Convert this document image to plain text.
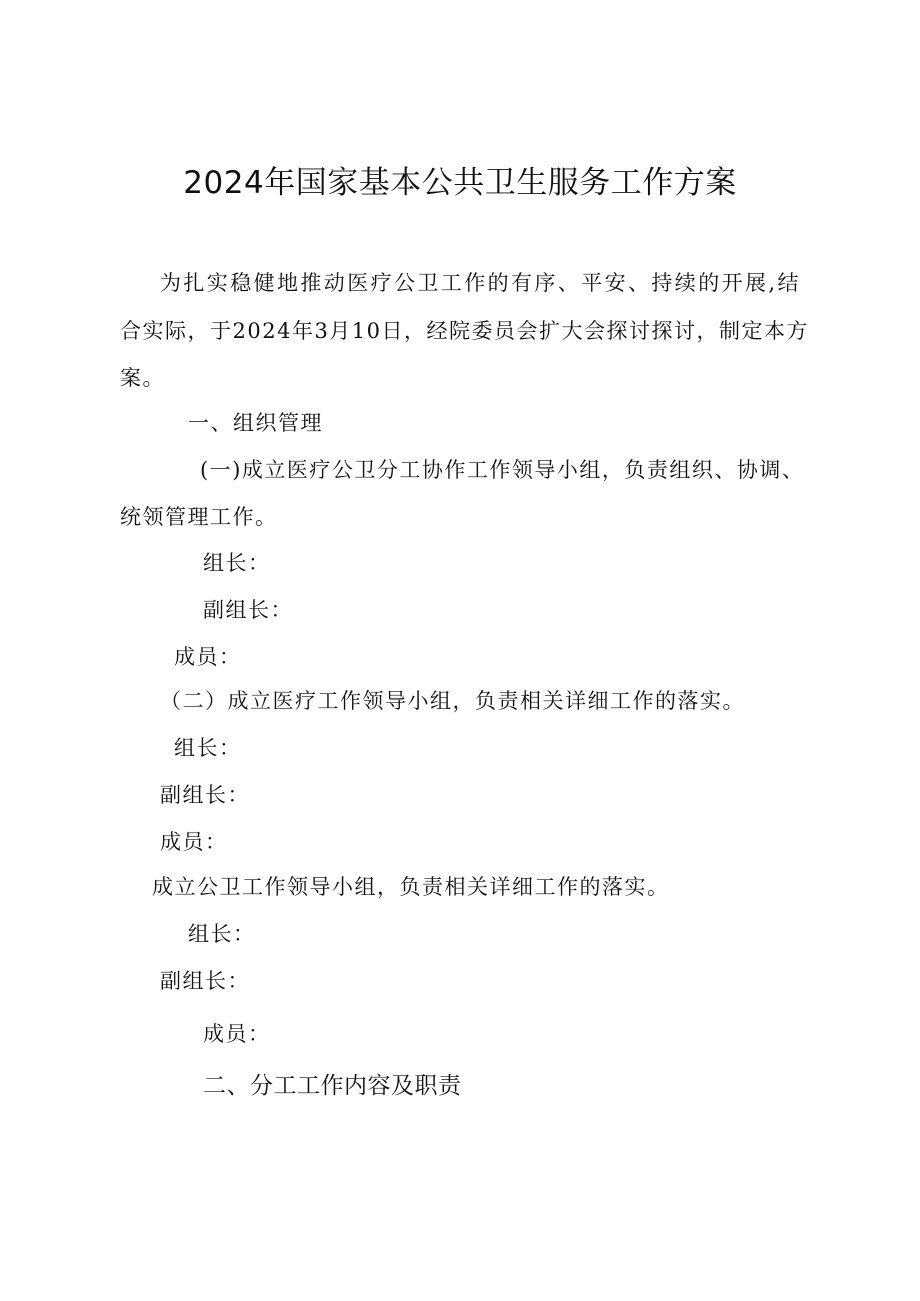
2024年国家基本公共卫生服务工作方案
为扎实稳健地推动医疗公卫工作的有序、平安、持续的开展,结
合实际，于2024年3月10日，经院委员会扩大会探讨探讨，制定本方
案。
一、组织管理
(一)成立医疗公卫分工协作工作领导小组，负责组织、协调、
统领管理工作。
组长：
副组长：
成员：
（二）成立医疗工作领导小组，负责相关详细工作的落实。
组长：
副组长：
成员：
成立公卫工作领导小组，负责相关详细工作的落实。
组长：
副组长：
成员：
二、分工工作内容及职责
